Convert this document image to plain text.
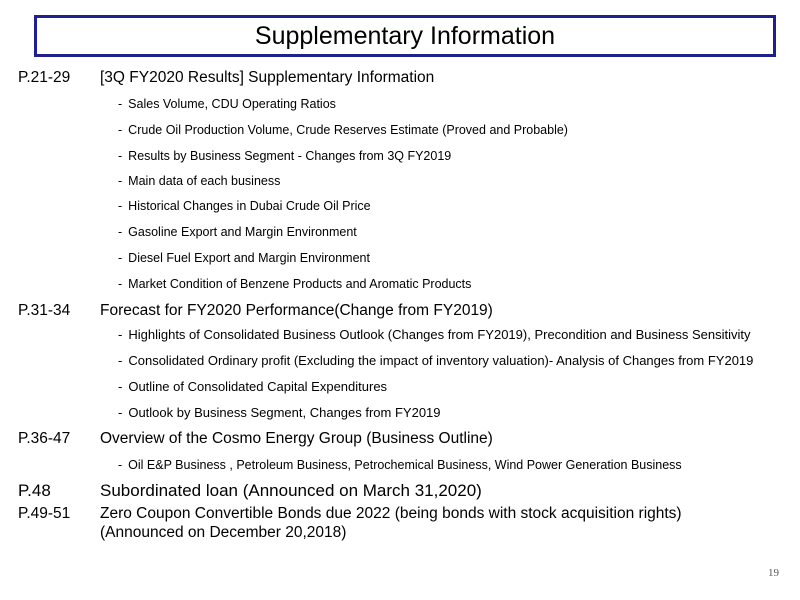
Supplementary Information
P.21-29 [3Q FY2020 Results] Supplementary Information
- Sales Volume, CDU Operating Ratios
- Crude Oil Production Volume, Crude Reserves Estimate (Proved and Probable)
- Results by Business Segment - Changes from 3Q FY2019
- Main data of each business
- Historical Changes in Dubai Crude Oil Price
- Gasoline Export and Margin Environment
- Diesel Fuel Export and Margin Environment
- Market Condition of Benzene Products and Aromatic Products
P.31-34 Forecast for FY2020 Performance(Change from FY2019)
- Highlights of Consolidated Business Outlook (Changes from FY2019), Precondition and Business Sensitivity
- Consolidated Ordinary profit (Excluding the impact of inventory valuation)- Analysis of Changes from FY2019
- Outline of Consolidated Capital Expenditures
- Outlook by Business Segment, Changes from FY2019
P.36-47 Overview of the Cosmo Energy Group (Business Outline)
- Oil E&P Business , Petroleum Business, Petrochemical Business, Wind Power Generation Business
P.48	Subordinated loan (Announced on March 31,2020)
P.49-51 Zero Coupon Convertible Bonds due 2022 (being bonds with stock acquisition rights)
(Announced on December 20,2018)
19
